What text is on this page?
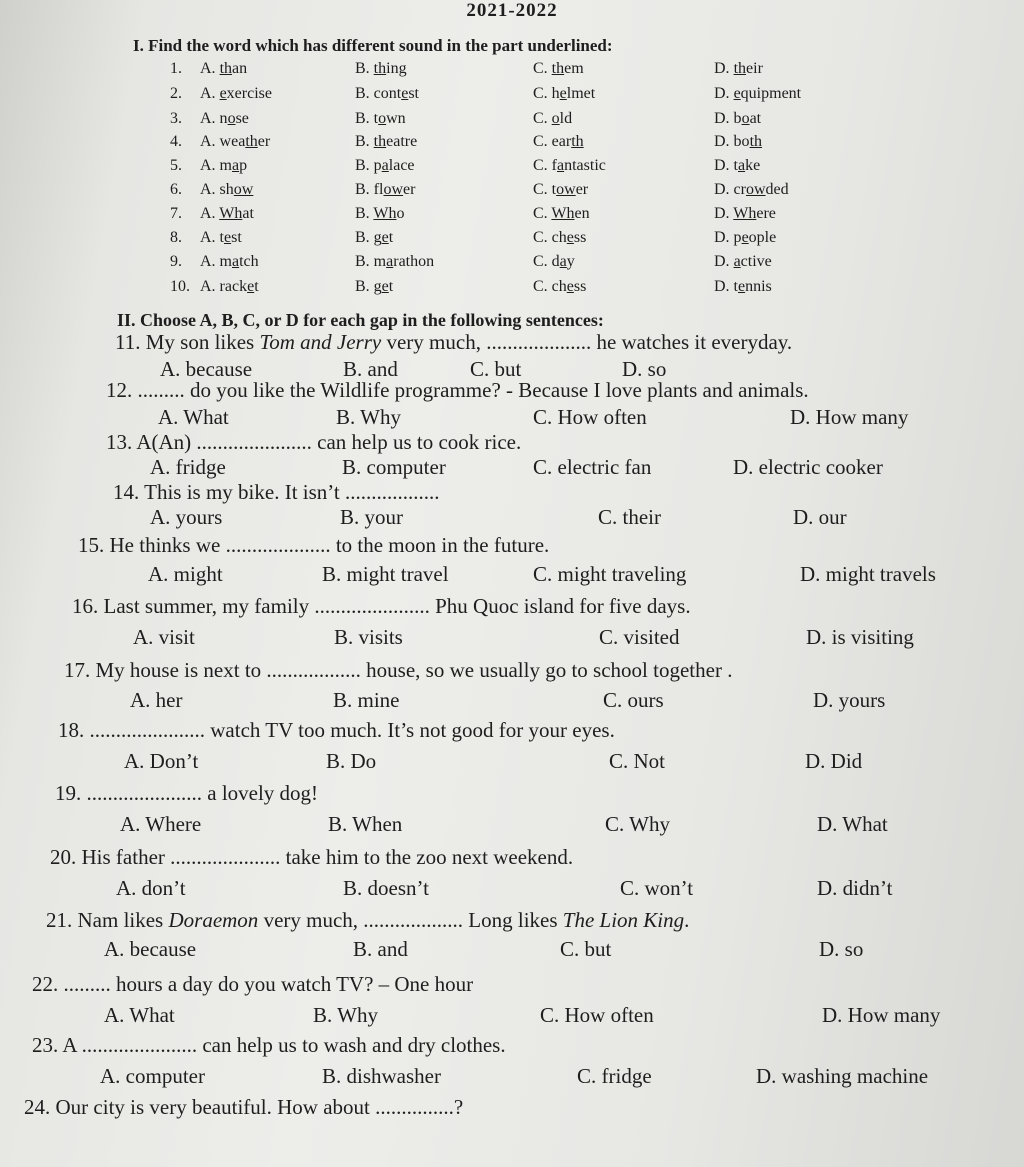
2021-2022
I. Find the word which has different sound in the part underlined:
1. A. than	B. thing	C. them	D. their
2. A. exercise	B. contest	C. helmet	D. equipment
3. A. nose	B. town	C. old	D. boat
4. A. weather	B. theatre	C. earth	D. both
5. A. map	B. palace	C. fantastic	D. take
6. A. show	B. flower	C. tower	D. crowded
7. A. What	B. Who	C. When	D. Where
8. A. test	B. get	C. chess	D. people
9. A. match	B. marathon	C. day	D. active
10. A. racket	B. get	C. chess	D. tennis
II. Choose A, B, C, or D for each gap in the following sentences:
11. My son likes Tom and Jerry very much, .................... he watches it everyday.
A. because	B. and	C. but	D. so
12. ......... do you like the Wildlife programme? - Because I love plants and animals.
A. What	B. Why	C. How often	D. How many
13. A(An) ...................... can help us to cook rice.
A. fridge	B. computer	C. electric fan	D. electric cooker
14. This is my bike. It isn’t ..................
A. yours	B. your	C. their	D. our
15. He thinks we .................... to the moon in the future.
A. might	B. might travel	C. might traveling	D. might travels
16. Last summer, my family ...................... Phu Quoc island for five days.
A. visit	B. visits	C. visited	D. is visiting
17. My house is next to .................. house, so we usually go to school together .
A. her	B. mine	C. ours	D. yours
18. ...................... watch TV too much. It’s not good for your eyes.
A. Don’t	B. Do	C. Not	D. Did
19. ...................... a lovely dog!
A. Where	B. When	C. Why	D. What
20. His father ..................... take him to the zoo next weekend.
A. don’t	B. doesn’t	C. won’t	D. didn’t
21. Nam likes Doraemon very much, ................... Long likes The Lion King.
A. because	B. and	C. but	D. so
22. ......... hours a day do you watch TV? – One hour
A. What	B. Why	C. How often	D. How many
23. A ...................... can help us to wash and dry clothes.
A. computer	B. dishwasher	C. fridge	D. washing machine
24. Our city is very beautiful. How about ...............?
